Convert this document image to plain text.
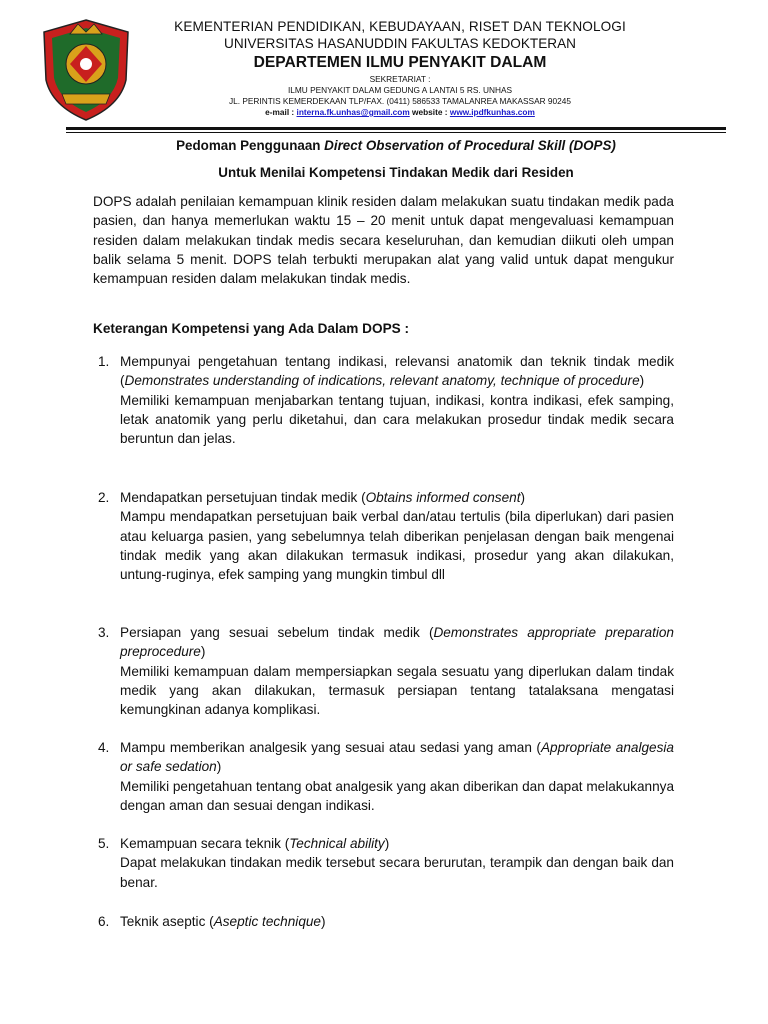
KEMENTERIAN PENDIDIKAN, KEBUDAYAAN, RISET DAN TEKNOLOGI
UNIVERSITAS HASANUDDIN FAKULTAS KEDOKTERAN
DEPARTEMEN ILMU PENYAKIT DALAM
SEKRETARIAT :
ILMU PENYAKIT DALAM GEDUNG A LANTAI 5 RS. UNHAS
JL. PERINTIS KEMERDEKAAN TLP/FAX. (0411) 586533 TAMALANREA MAKASSAR 90245
e-mail : interna.fk.unhas@gmail.com website : www.ipdfkunhas.com
Pedoman Penggunaan Direct Observation of Procedural Skill (DOPS)
Untuk Menilai Kompetensi Tindakan Medik dari Residen
DOPS adalah penilaian kemampuan klinik residen dalam melakukan suatu tindakan medik pada pasien, dan hanya memerlukan waktu 15 – 20 menit untuk dapat mengevaluasi kemampuan residen dalam melakukan tindak medis secara keseluruhan, dan kemudian diikuti oleh umpan balik selama 5 menit. DOPS telah terbukti merupakan alat yang valid untuk dapat mengukur kemampuan residen dalam melakukan tindak medis.
Keterangan Kompetensi yang Ada Dalam DOPS :
1. Mempunyai pengetahuan tentang indikasi, relevansi anatomik dan teknik tindak medik (Demonstrates understanding of indications, relevant anatomy, technique of procedure)
Memiliki kemampuan menjabarkan tentang tujuan, indikasi, kontra indikasi, efek samping, letak anatomik yang perlu diketahui, dan cara melakukan prosedur tindak medik secara beruntun dan jelas.
2. Mendapatkan persetujuan tindak medik (Obtains informed consent)
Mampu mendapatkan persetujuan baik verbal dan/atau tertulis (bila diperlukan) dari pasien atau keluarga pasien, yang sebelumnya telah diberikan penjelasan dengan baik mengenai tindak medik yang akan dilakukan termasuk indikasi, prosedur yang akan dilakukan, untung-ruginya, efek samping yang mungkin timbul dll
3. Persiapan yang sesuai sebelum tindak medik (Demonstrates appropriate preparation preprocedure)
Memiliki kemampuan dalam mempersiapkan segala sesuatu yang diperlukan dalam tindak medik yang akan dilakukan, termasuk persiapan tentang tatalaksana mengatasi kemungkinan adanya komplikasi.
4. Mampu memberikan analgesik yang sesuai atau sedasi yang aman (Appropriate analgesia or safe sedation)
Memiliki pengetahuan tentang obat analgesik yang akan diberikan dan dapat melakukannya dengan aman dan sesuai dengan indikasi.
5. Kemampuan secara teknik (Technical ability)
Dapat melakukan tindakan medik tersebut secara berurutan, terampik dan dengan baik dan benar.
6. Teknik aseptic (Aseptic technique)
